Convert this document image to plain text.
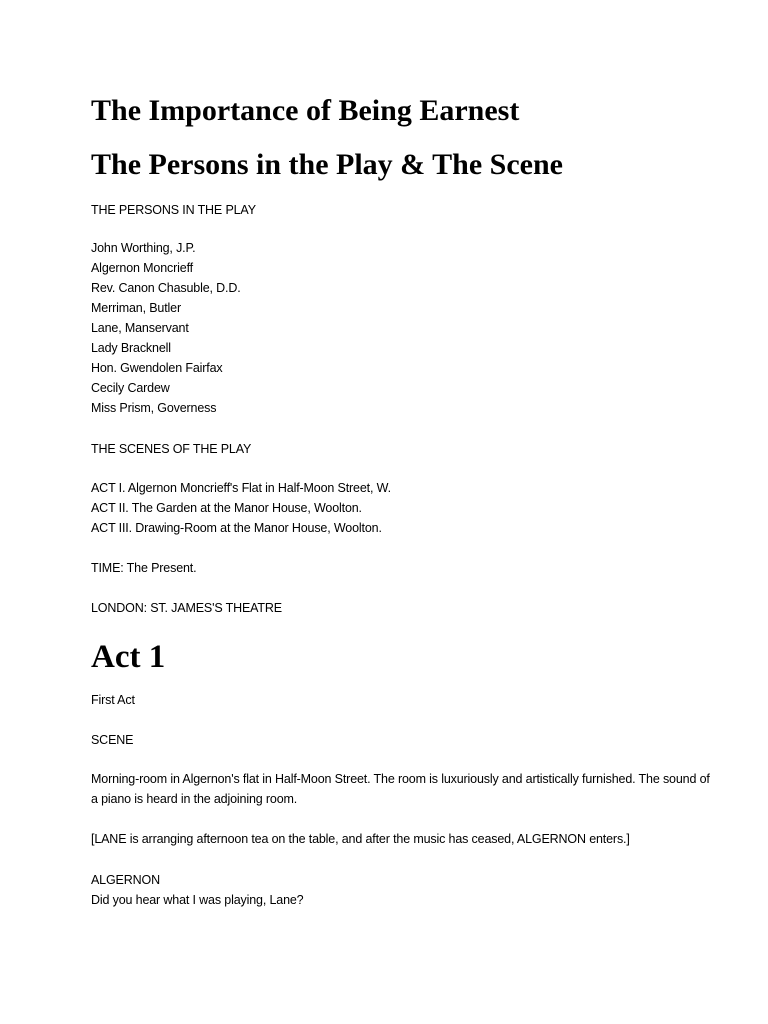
The Importance of Being Earnest
The Persons in the Play & The Scene

THE PERSONS IN THE PLAY

John Worthing, J.P.
Algernon Moncrieff
Rev. Canon Chasuble, D.D.
Merriman, Butler
Lane, Manservant
Lady Bracknell
Hon. Gwendolen Fairfax
Cecily Cardew
Miss Prism, Governess

THE SCENES OF THE PLAY

ACT I. Algernon Moncrieff's Flat in Half-Moon Street, W.
ACT II. The Garden at the Manor House, Woolton.
ACT III. Drawing-Room at the Manor House, Woolton.

TIME: The Present.

LONDON: ST. JAMES'S THEATRE

Act 1

First Act

SCENE

Morning-room in Algernon's flat in Half-Moon Street. The room is luxuriously and artistically furnished. The sound of a piano is heard in the adjoining room.

[LANE is arranging afternoon tea on the table, and after the music has ceased, ALGERNON enters.]

ALGERNON

Did you hear what I was playing, Lane?
